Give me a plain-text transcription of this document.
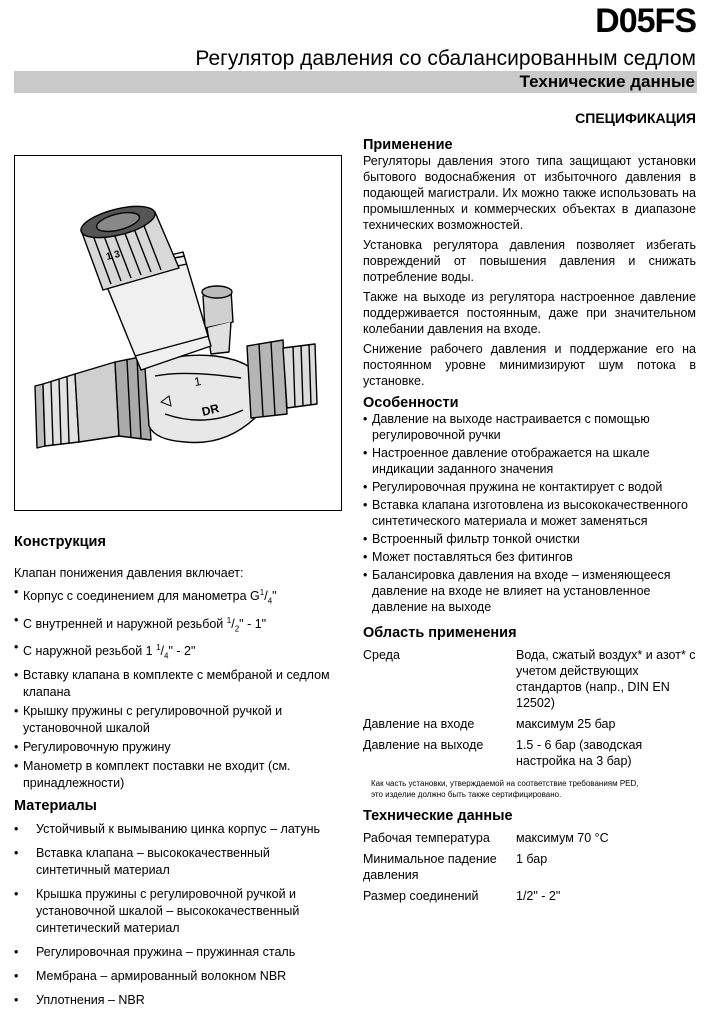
D05FS
Регулятор давления со сбалансированным седлом
Технические данные
СПЕЦИФИКАЦИЯ
1 3
1
DR
Применение

Регуляторы давления этого типа защищают установки бытового водоснабжения от избыточного давления в подающей магистрали. Их можно также использовать на промышленных и коммерческих объектах в диапазоне технических возможностей.

Установка регулятора давления позволяет избегать повреждений от повышения давления и снижать потребление воды.

Также на выходе из регулятора настроенное давление поддерживается постоянным, даже при значительном колебании давления на входе.

Снижение рабочего давления и поддержание его на постоянном уровне минимизируют шум потока в установке.

Особенности
• Давление на выходе настраивается с помощью регулировочной ручки
• Настроенное давление отображается на шкале индикации заданного значения
• Регулировочная пружина не контактирует с водой
• Вставка клапана изготовлена из высококачественного синтетического материала и может заменяться
• Встроенный фильтр тонкой очистки
• Может поставляться без фитингов
• Балансировка давления на входе – изменяющееся давление на входе не влияет на установленное давление на выходе
Область применения
Среда	Вода, сжатый воздух* и азот* с учетом действующих стандартов (напр., DIN EN 12502)
Давление на входе	максимум 25 бар
Давление на выходе	1.5 - 6 бар (заводская настройка на 3 бар)
Как часть установки, утверждаемой на соответствие требованиям PED,
это изделие должно быть также сертифицировано.
Технические данные
Рабочая температура	максимум 70 °C
Минимальное падение давления	1 бар
Размер соединений	1/2" - 2"
Конструкция

Клапан понижения давления включает:

• Корпус с соединением для манометра $G^1/_4$"
• С внутренней и наружной резьбой $^1/_2$" - 1"
• С наружной резьбой 1 $^1/_4$" - 2"
• Вставку клапана в комплекте с мембраной и седлом клапана
• Крышку пружины с регулировочной ручкой и установочной шкалой
• Регулировочную пружину
• Манометр в комплект поставки не входит (см. принадлежности)
Материалы
• Устойчивый к вымыванию цинка корпус – латунь
• Вставка клапана – высококачественный синтетичный материал
• Крышка пружины с регулировочной ручкой и установочной шкалой – высококачественный синтетический материал
• Регулировочная пружина – пружинная сталь
• Мембрана – армированный волокном NBR
• Уплотнения – NBR
